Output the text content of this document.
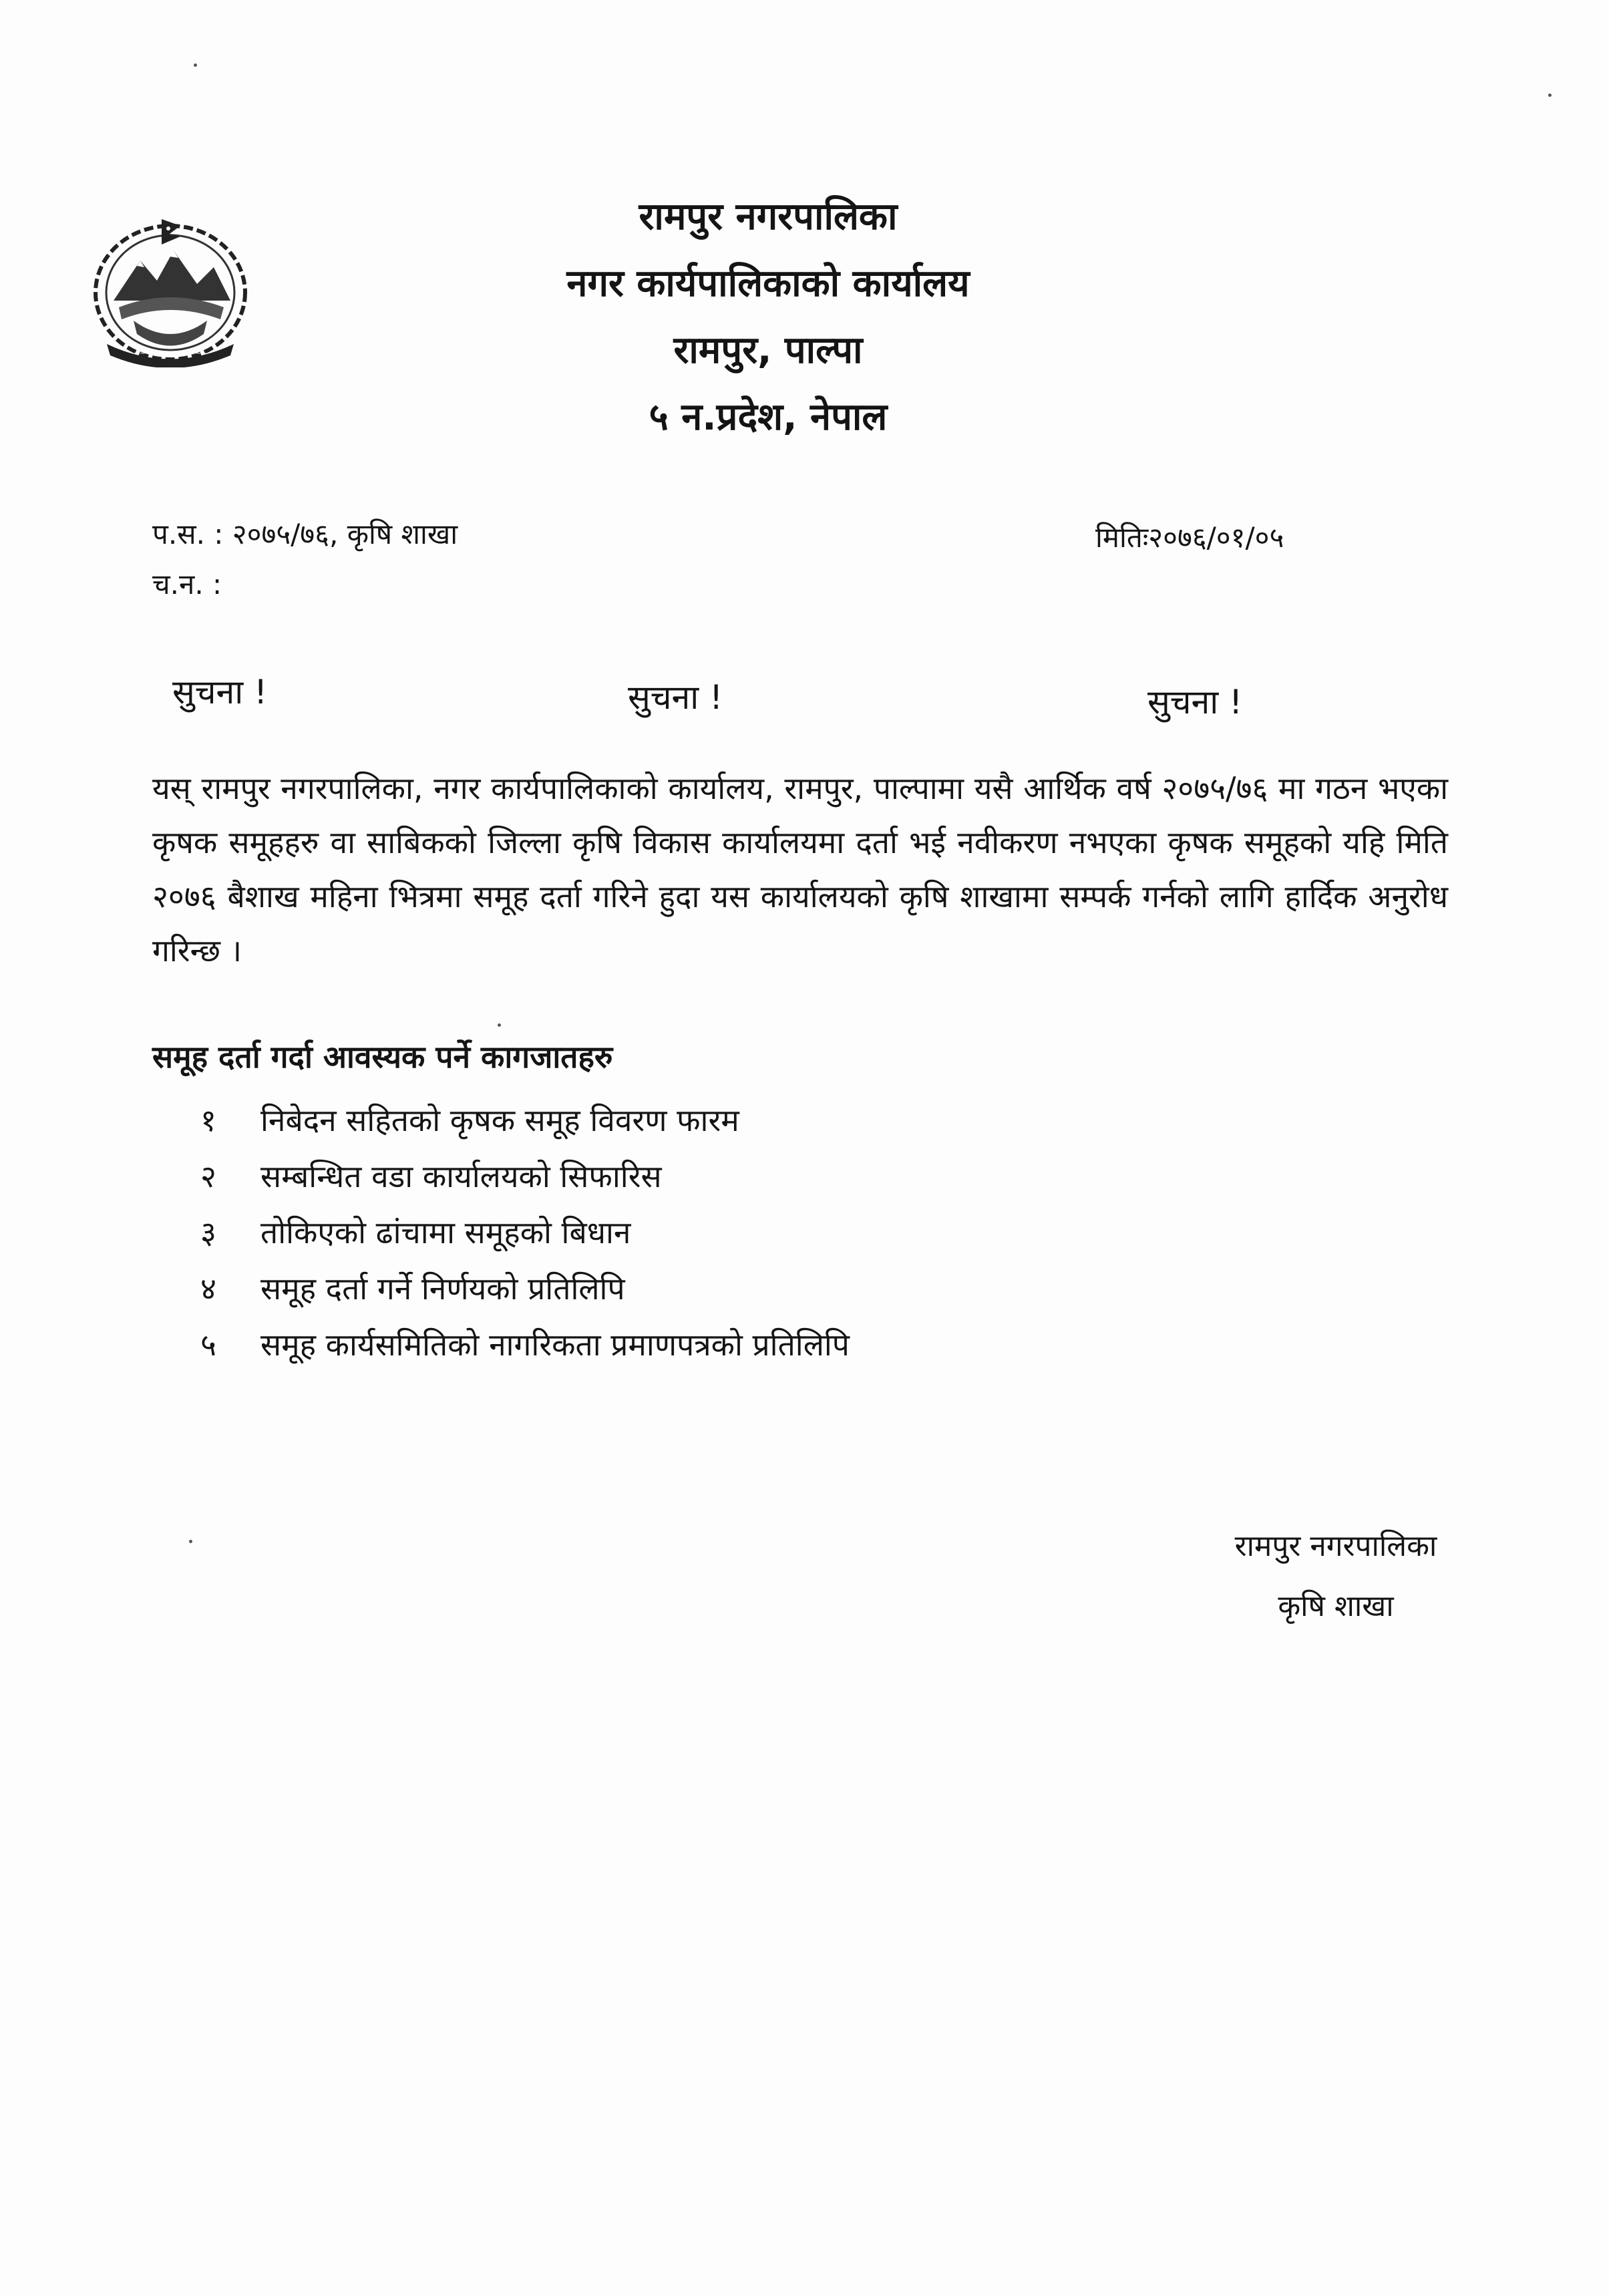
~~~~~~~~~~~~
रामपुर नगरपालिका
नगर कार्यपालिकाको कार्यालय
रामपुर, पाल्पा
५ न.प्रदेश, नेपाल
प.स. : २०७५/७६, कृषि शाखा
च.न. :
मितिः२०७६/०१/०५
सुचना !	सुचना !	सुचना !
यस् रामपुर नगरपालिका, नगर कार्यपालिकाको कार्यालय, रामपुर, पाल्पामा यसै आर्थिक वर्ष २०७५/७६ मा गठन भएका कृषक समूहहरु वा साबिकको जिल्ला कृषि विकास कार्यालयमा दर्ता भई नवीकरण नभएका कृषक समूहको यहि मिति २०७६ बैशाख महिना भित्रमा समूह दर्ता गरिने हुदा यस कार्यालयको कृषि शाखामा सम्पर्क गर्नको लागि हार्दिक अनुरोध गरिन्छ ।
समूह दर्ता गर्दा आवस्यक पर्ने कागजातहरु
१	निबेदन सहितको कृषक समूह विवरण फारम
२	सम्बन्धित वडा कार्यालयको सिफारिस
३	तोकिएको ढांचामा समूहको बिधान
४	समूह दर्ता गर्ने निर्णयको प्रतिलिपि
५	समूह कार्यसमितिको नागरिकता प्रमाणपत्रको प्रतिलिपि
रामपुर नगरपालिका
कृषि शाखा
